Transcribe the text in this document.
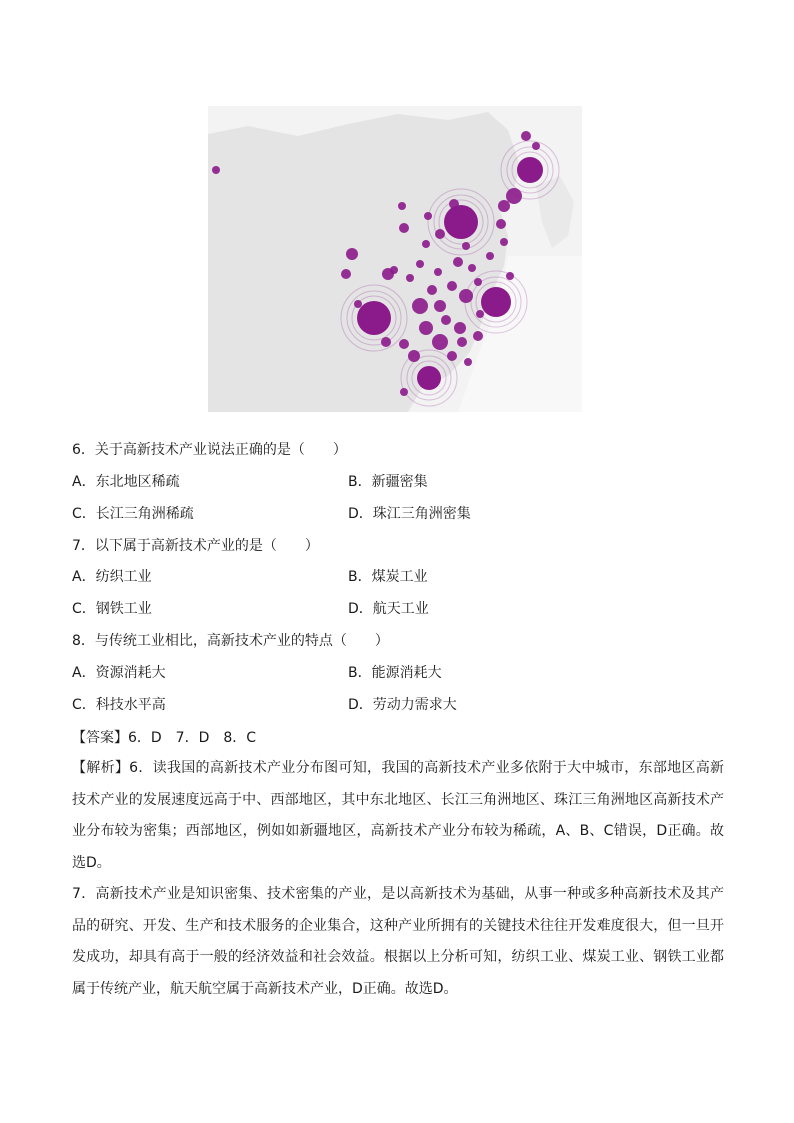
6．关于高新技术产业说法正确的是（　　）
A．东北地区稀疏	B．新疆密集
C．长江三角洲稀疏	D．珠江三角洲密集
7．以下属于高新技术产业的是（　　）
A．纺织工业	B．煤炭工业
C．钢铁工业	D．航天工业
8．与传统工业相比，高新技术产业的特点（　　）
A．资源消耗大	B．能源消耗大
C．科技水平高	D．劳动力需求大
【答案】6．D　7．D　8．C
【解析】6．读我国的高新技术产业分布图可知，我国的高新技术产业多依附于大中城市，东部地区高新技术产业的发展速度远高于中、西部地区，其中东北地区、长江三角洲地区、珠江三角洲地区高新技术产业分布较为密集；西部地区，例如如新疆地区，高新技术产业分布较为稀疏，A、B、C错误，D正确。故选D。
7．高新技术产业是知识密集、技术密集的产业，是以高新技术为基础，从事一种或多种高新技术及其产品的研究、开发、生产和技术服务的企业集合，这种产业所拥有的关键技术往往开发难度很大，但一旦开发成功，却具有高于一般的经济效益和社会效益。根据以上分析可知，纺织工业、煤炭工业、钢铁工业都属于传统产业，航天航空属于高新技术产业，D正确。故选D。
